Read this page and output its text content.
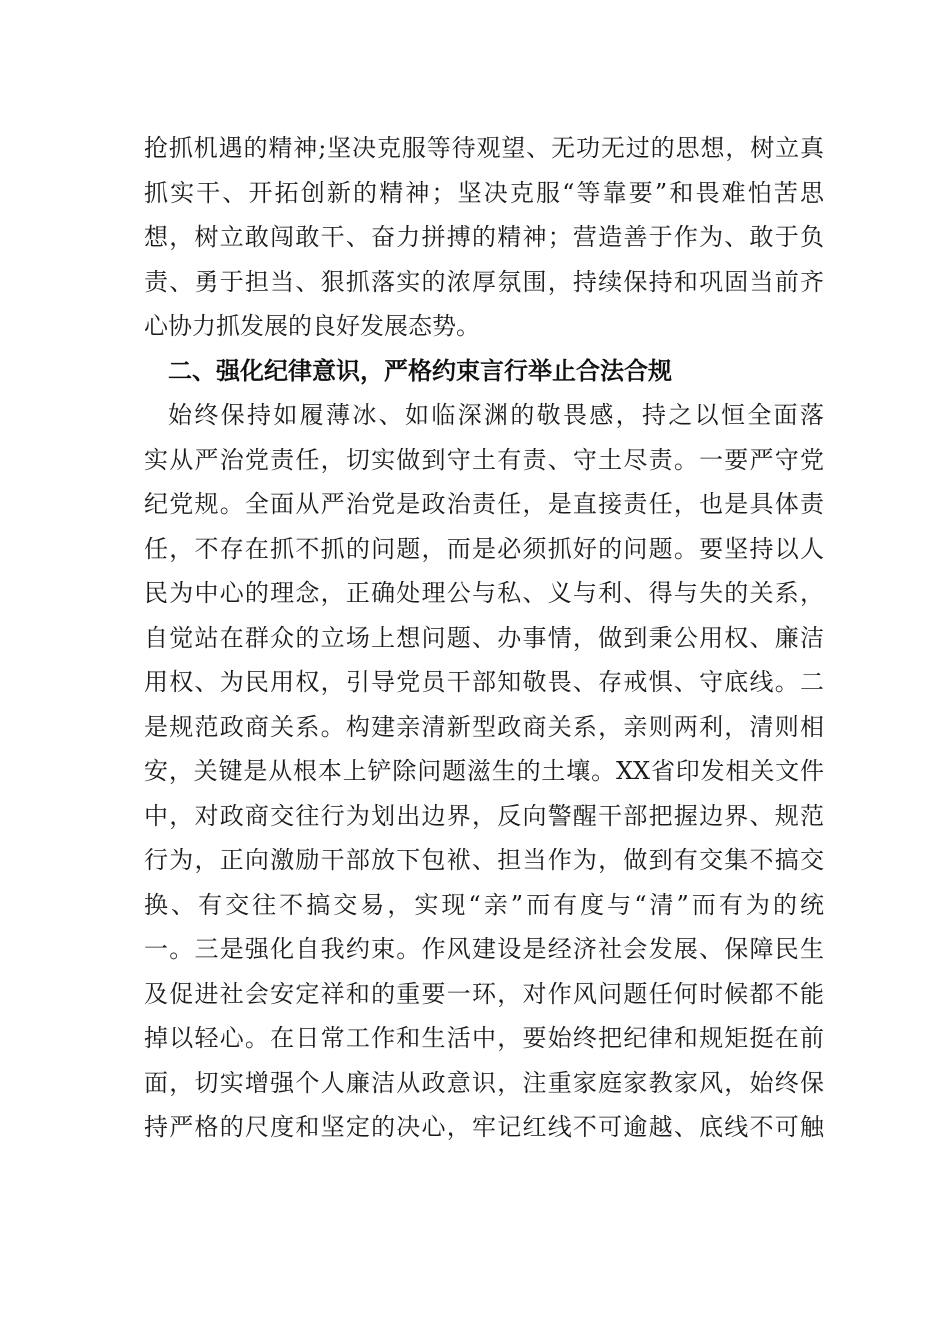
抢抓机遇的精神;坚决克服等待观望、无功无过的思想，树立真
抓实干、开拓创新的精神；坚决克服“等靠要”和畏难怕苦思
想，树立敢闯敢干、奋力拼搏的精神；营造善于作为、敢于负
责、勇于担当、狠抓落实的浓厚氛围，持续保持和巩固当前齐
心协力抓发展的良好发展态势。
二、强化纪律意识，严格约束言行举止合法合规
始终保持如履薄冰、如临深渊的敬畏感，持之以恒全面落
实从严治党责任，切实做到守土有责、守土尽责。一要严守党
纪党规。全面从严治党是政治责任，是直接责任，也是具体责
任，不存在抓不抓的问题，而是必须抓好的问题。要坚持以人
民为中心的理念，正确处理公与私、义与利、得与失的关系，
自觉站在群众的立场上想问题、办事情，做到秉公用权、廉洁
用权、为民用权，引导党员干部知敬畏、存戒惧、守底线。二
是规范政商关系。构建亲清新型政商关系，亲则两利，清则相
安，关键是从根本上铲除问题滋生的土壤。XX省印发相关文件
中，对政商交往行为划出边界，反向警醒干部把握边界、规范
行为，正向激励干部放下包袱、担当作为，做到有交集不搞交
换、有交往不搞交易，实现“亲”而有度与“清”而有为的统
一。三是强化自我约束。作风建设是经济社会发展、保障民生
及促进社会安定祥和的重要一环，对作风问题任何时候都不能
掉以轻心。在日常工作和生活中，要始终把纪律和规矩挺在前
面，切实增强个人廉洁从政意识，注重家庭家教家风，始终保
持严格的尺度和坚定的决心，牢记红线不可逾越、底线不可触
